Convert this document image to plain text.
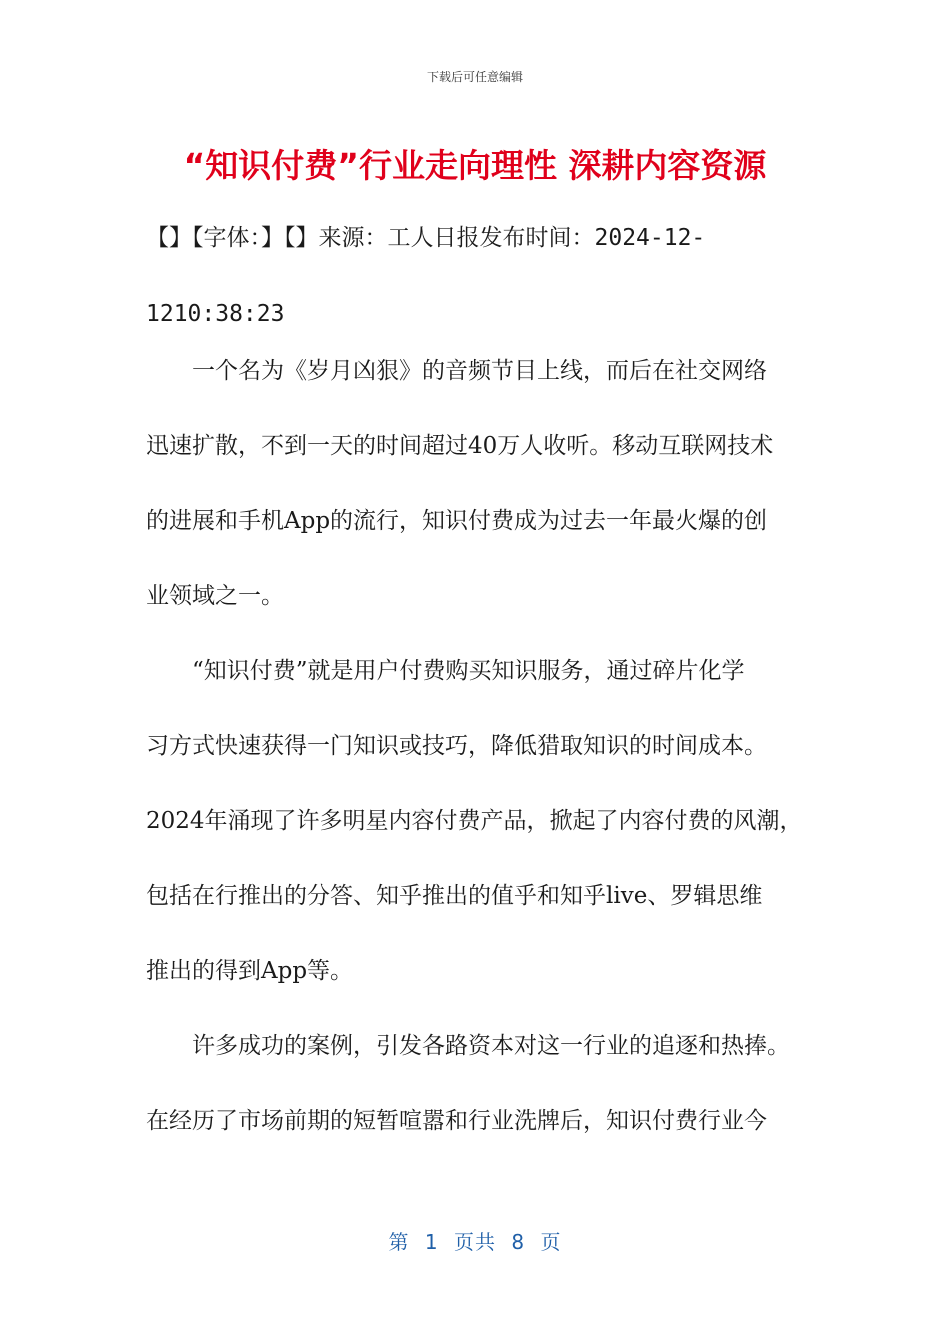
下载后可任意编辑
“知识付费”行业走向理性 深耕内容资源
【】【字体：】【】来源：工人日报发布时间：2024-12-
1210:38:23

一个名为《岁月凶狠》的音频节目上线，而后在社交网络
迅速扩散，不到一天的时间超过40万人收听。移动互联网技术
的进展和手机App的流行，知识付费成为过去一年最火爆的创
业领域之一。

“知识付费”就是用户付费购买知识服务，通过碎片化学
习方式快速获得一门知识或技巧，降低猎取知识的时间成本。
2024年涌现了许多明星内容付费产品，掀起了内容付费的风潮，
包括在行推出的分答、知乎推出的值乎和知乎live、罗辑思维
推出的得到App等。

许多成功的案例，引发各路资本对这一行业的追逐和热捧。
在经历了市场前期的短暂喧嚣和行业洗牌后，知识付费行业今

第 1 页共 8 页
